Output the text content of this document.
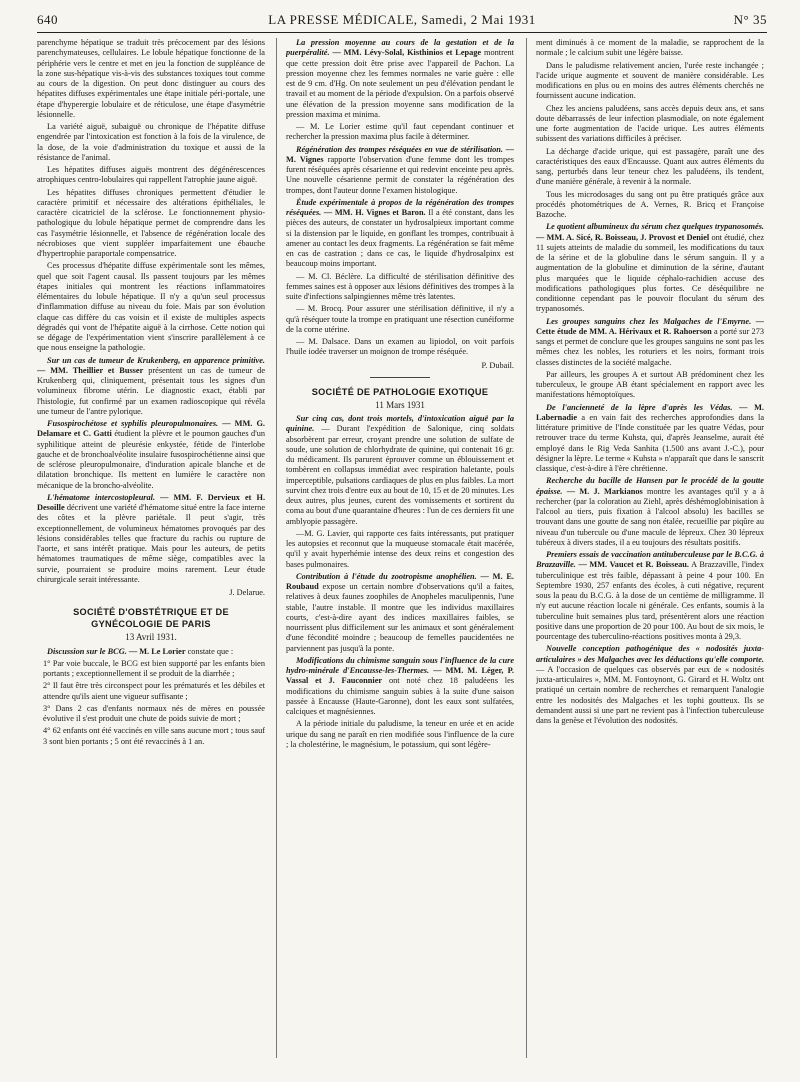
640	LA PRESSE MÉDICALE, Samedi, 2 Mai 1931	N° 35

parenchyme hépatique se traduit très précocement par des lésions parenchymateuses, cellulaires. Le lobule hépatique fonctionne de la périphérie vers le centre et met en jeu la fonction de suppléance de la zone sus-hépatique vis-à-vis des substances toxiques tout comme au cours de la digestion. On peut donc distinguer au cours des hépatites diffuses expérimentales une étape initiale péri-portale, une étape d'hyperergie lobulaire et de réticulose, une étape d'asymétrie lésionnelle.

La variété aiguë, subaiguë ou chronique de l'hépatite diffuse engendrée par l'intoxication est fonction à la fois de la virulence, de la dose, de la voie d'administration du toxique et aussi de la résistance de l'animal.

Les hépatites diffuses aiguës montrent des dégénérescences atrophiques centro-lobulaires qui rappellent l'atrophie jaune aiguë.

Les hépatites diffuses chroniques permettent d'étudier le caractère primitif et nécessaire des altérations épithéliales, le caractère cicatriciel de la sclérose. Le fonctionnement physio-pathologique du lobule hépatique permet de comprendre dans les cas l'asymétrie lésionnelle, et l'absence de régénération locale des nécrobioses que vient suppléer imparfaitement une ébauche d'hypertrophie paraportale compensatrice.

Ces processus d'hépatite diffuse expérimentale sont les mêmes, quel que soit l'agent causal. Ils passent toujours par les mêmes étapes initiales qui montrent les réactions inflammatoires élémentaires du lobule hépatique. Il n'y a qu'un seul processus d'inflammation diffuse au niveau du foie. Mais par son évolution claque cas diffère du cas voisin et il existe de multiples aspects dégradés qui vont de l'hépatite aiguë à la cirrhose. Cette notion qui se dégage de l'expérimentation vient s'inscrire parallèlement à ce que nous enseigne la pathologie.

Sur un cas de tumeur de Krukenberg, en apparence primitive. — MM. Theillier et Busser présentent un cas de tumeur de Krukenberg qui, cliniquement, présentait tous les signes d'un volumineux fibrome utérin. Le diagnostic exact, établi par l'histologie, fut confirmé par un examen radioscopique qui révéla une tumeur de l'antre pylorique.

Fusospirochétose et syphilis pleuropulmonaires. — MM. G. Delamare et C. Gatti étudient la plèvre et le poumon gauches d'un syphilitique atteint de pleurésie enkystée, fétide de l'interlobe gauche et de bronchoalvéolite insulaire fusospirochétienne ainsi que de sclérose pleuropulmonaire, d'induration apicale blanche et de dilatation bronchique. Ils mettent en lumière le caractère non mécanique de la broncho-alvéolite.

L'hématome intercostopleural. — MM. F. Dervieux et H. Desoille décrivent une variété d'hématome situé entre la face interne des côtes et la plèvre pariétale. Il peut s'agir, très exceptionnellement, de volumineux hématomes provoqués par des lésions considérables telles que fracture du rachis ou rupture de l'aorte, et sans intérêt pratique. Mais pour les auteurs, de petits hématomes traumatiques de même siège, compatibles avec la survie, pourraient se produire moins rarement. Leur étude chirurgicale serait intéressante.

J. Delarue.

SOCIÉTÉ D'OBSTÉTRIQUE ET DE GYNÉCOLOGIE DE PARIS

13 Avril 1931.

Discussion sur le BCG. — M. Le Lorier constate que :

1° Par voie buccale, le BCG est bien supporté par les enfants bien portants ; exceptionnellement il se produit de la diarrhée ;

2° Il faut être très circonspect pour les prématurés et les débiles et attendre qu'ils aient une vigueur suffisante ;

3° Dans 2 cas d'enfants normaux nés de mères en poussée évolutive il s'est produit une chute de poids suivie de mort ;

4° 62 enfants ont été vaccinés en ville sans aucune mort ; tous sauf 3 sont bien portants ; 5 ont été revaccinés à 1 an.

La pression moyenne au cours de la gestation et de la puerpéralité. — MM. Lévy-Solal, Kisthinios et Lepage montrent que cette pression doit être prise avec l'appareil de Pachon. La pression moyenne chez les femmes normales ne varie guère : elle est de 9 cm. d'Hg. On note seulement un peu d'élévation pendant le travail et au moment de la période d'expulsion. On a parfois observé une élévation de la pression moyenne sans modification de la pression maxima et minima.

— M. Le Lorier estime qu'il faut cependant continuer et rechercher la pression maxima plus facile à déterminer.

Régénération des trompes réséquées en vue de stérilisation. — M. Vignes rapporte l'observation d'une femme dont les trompes furent réséquées après césarienne et qui redevint enceinte peu après. Une nouvelle césarienne permit de constater la régénération des trompes, dont l'auteur donne l'examen histologique.

Étude expérimentale à propos de la régénération des trompes réséquées. — MM. H. Vignes et Baron. Il a été constant, dans les pièces des auteurs, de constater un hydrosalpieux important comme si la distension par le liquide, en gonflant les trompes, contribuait à amener au contact les deux fragments. La régénération se fait même en cas de castration ; dans ce cas, le liquide d'hydrosalpinx est beaucoup moins important.

— M. Cl. Béclère. La difficulté de stérilisation définitive des femmes saines est à opposer aux lésions définitives des trompes à la suite d'infections salpingiennes même très latentes.

— M. Brocq. Pour assurer une stérilisation définitive, il n'y a qu'à réséquer toute la trompe en pratiquant une résection cunéiforme de la corne utérine.

— M. Dalsace. Dans un examen au lipiodol, on voit parfois l'huile iodée traverser un moignon de trompe réséquée.

P. Dubail.

SOCIÉTÉ DE PATHOLOGIE EXOTIQUE

11 Mars 1931

Sur cinq cas, dont trois mortels, d'intoxication aiguë par la quinine. — Durant l'expédition de Salonique, cinq soldats absorbèrent par erreur, croyant prendre une solution de sulfate de soude, une solution de chlorhydrate de quinine, qui contenait 16 gr. du médicament. Ils parurent éprouver comme un éblouissement et tombèrent en collapsus immédiat avec respiration haletante, pouls imperceptible, pulsations cardiaques de plus en plus faibles. La mort survint chez trois d'entre eux au bout de 10, 15 et de 20 minutes. Les deux autres, plus jeunes, curent des vomissements et sortirent du coma au bout d'une quarantaine d'heures : l'un de ces derniers fit une amblyopie passagère.

—M. G. Lavier, qui rapporte ces faits intéressants, put pratiquer les autopsies et reconnut que la muqueuse stomacale était macérée, qu'il y avait hyperhémie intense des deux reins et congestion des bases pulmonaires.

Contribution à l'étude du zootropisme anophélien. — M. E. Roubaud expose un certain nombre d'observations qu'il a faites, relatives à deux faunes zoophiles de Anopheles maculipennis, l'une stable, l'autre instable. Il montre que les individus maxillaires courts, c'est-à-dire ayant des indices maxillaires faibles, se nourrissent plus difficilement sur les animaux et sont généralement d'une fécondité moindre ; beaucoup de femelles paucidentées ne parviennent pas jusqu'à la ponte.

Modifications du chimisme sanguin sous l'influence de la cure hydro-minérale d'Encausse-les-Thermes. — MM. M. Léger, P. Vassal et J. Fauconnier ont noté chez 18 paludéens les modifications du chimisme sanguin subies à la suite d'une saison passée à Encausse (Haute-Garonne), dont les eaux sont sulfatées, calciques et magnésiennes.

A la période initiale du paludisme, la teneur en urée et en acide urique du sang ne paraît en rien modifiée sous l'influence de la cure ; la cholestérine, le magnésium, le potassium, qui sont légère-

ment diminués à ce moment de la maladie, se rapprochent de la normale ; le calcium subit une légère baisse.

Dans le paludisme relativement ancien, l'urée reste inchangée ; l'acide urique augmente et souvent de manière considérable. Les modifications en plus ou en moins des autres éléments cherchés ne fournissent aucune indication.

Chez les anciens paludéens, sans accès depuis deux ans, et sans doute débarrassés de leur infection plasmodiale, on note également une forte augmentation de l'acide urique. Les autres éléments subissent des variations difficiles à préciser.

La décharge d'acide urique, qui est passagère, paraît une des caractéristiques des eaux d'Encausse. Quant aux autres éléments du sang, perturbés dans leur teneur chez les paludéens, ils tendent, d'une manière générale, à revenir à la normale.

Tous les microdosages du sang ont pu être pratiqués grâce aux procédés photométriques de A. Vernes, R. Bricq et Françoise Bazoche.

Le quotient albumineux du sérum chez quelques trypanosomés. — MM. A. Sicé, R. Boisseau, J. Provost et Deniel ont étudié, chez 11 sujets atteints de maladie du sommeil, les modifications du taux de la sérine et de la globuline dans le sérum sanguin. Il y a augmentation de la globuline et diminution de la sérine, d'autant plus marquées que le liquide céphalo-rachidien accuse des modifications pathologiques plus fortes. Ce déséquilibre ne conditionne cependant pas le pouvoir floculant du sérum des trypanosomés.

Les groupes sanguins chez les Malgaches de l'Emyrne. — Cette étude de MM. A. Hérivaux et R. Rahoerson a porté sur 273 sangs et permet de conclure que les groupes sanguins ne sont pas les mêmes chez les nobles, les roturiers et les noirs, formant trois classes distinctes de la société malgache.

Par ailleurs, les groupes A et surtout AB prédominent chez les tuberculeux, le groupe AB étant spécialement en rapport avec les manifestations hémoptoïques.

De l'ancienneté de la lèpre d'après les Védas. — M. Labernadie a en vain fait des recherches approfondies dans la littérature primitive de l'Inde constituée par les quatre Védas, pour retrouver trace du terme Kuhsta, qui, d'après Jeanselme, aurait été employé dans le Rig Veda Sanhita (1.500 ans avant J.-C.), pour désigner la lèpre. Le terme « Kuhsta » n'apparaît que dans le sanscrit classique, c'est-à-dire à l'ère chrétienne.

Recherche du bacille de Hansen par le procédé de la goutte épaisse. — M. J. Markianos montre les avantages qu'il y a à rechercher (par la coloration au Ziehl, après déshémoglobinisation à l'alcool au tiers, puis fixation à l'alcool absolu) les bacilles se trouvant dans une goutte de sang non étalée, recueillie par piqûre au niveau d'un tubercule ou d'une macule de lépreux. Chez 30 lépreux tubéreux à divers stades, il a eu toujours des résultats positifs.

Premiers essais de vaccination antituberculeuse par le B.C.G. à Brazzaville. — MM. Vaucet et R. Boisseau. A Brazzaville, l'index tuberculinique est très faible, dépassant à peine 4 pour 100. En Septembre 1930, 257 enfants des écoles, à cuti négative, reçurent sous la peau du B.C.G. à la dose de un centième de milligramme. Il n'y eut aucune réaction locale ni générale. Ces enfants, soumis à la tuberculine huit semaines plus tard, présentèrent alors une réaction positive dans une proportion de 20 pour 100. Au bout de six mois, le pourcentage des tuberculino-réactions positives monta à 29,3.

Nouvelle conception pathogénique des « nodosités juxta-articulaires » des Malgaches avec les déductions qu'elle comporte. — A l'occasion de quelques cas observés par eux de « nodosités juxta-articulaires », MM. M. Fontoynont, G. Girard et H. Woltz ont pratiqué un certain nombre de recherches et remarquent l'analogie entre les nodosités des Malgaches et les tophi goutteux. Ils se demandent aussi si une part ne revient pas à l'infection tuberculeuse dans la genèse et l'évolution des nodosités.
